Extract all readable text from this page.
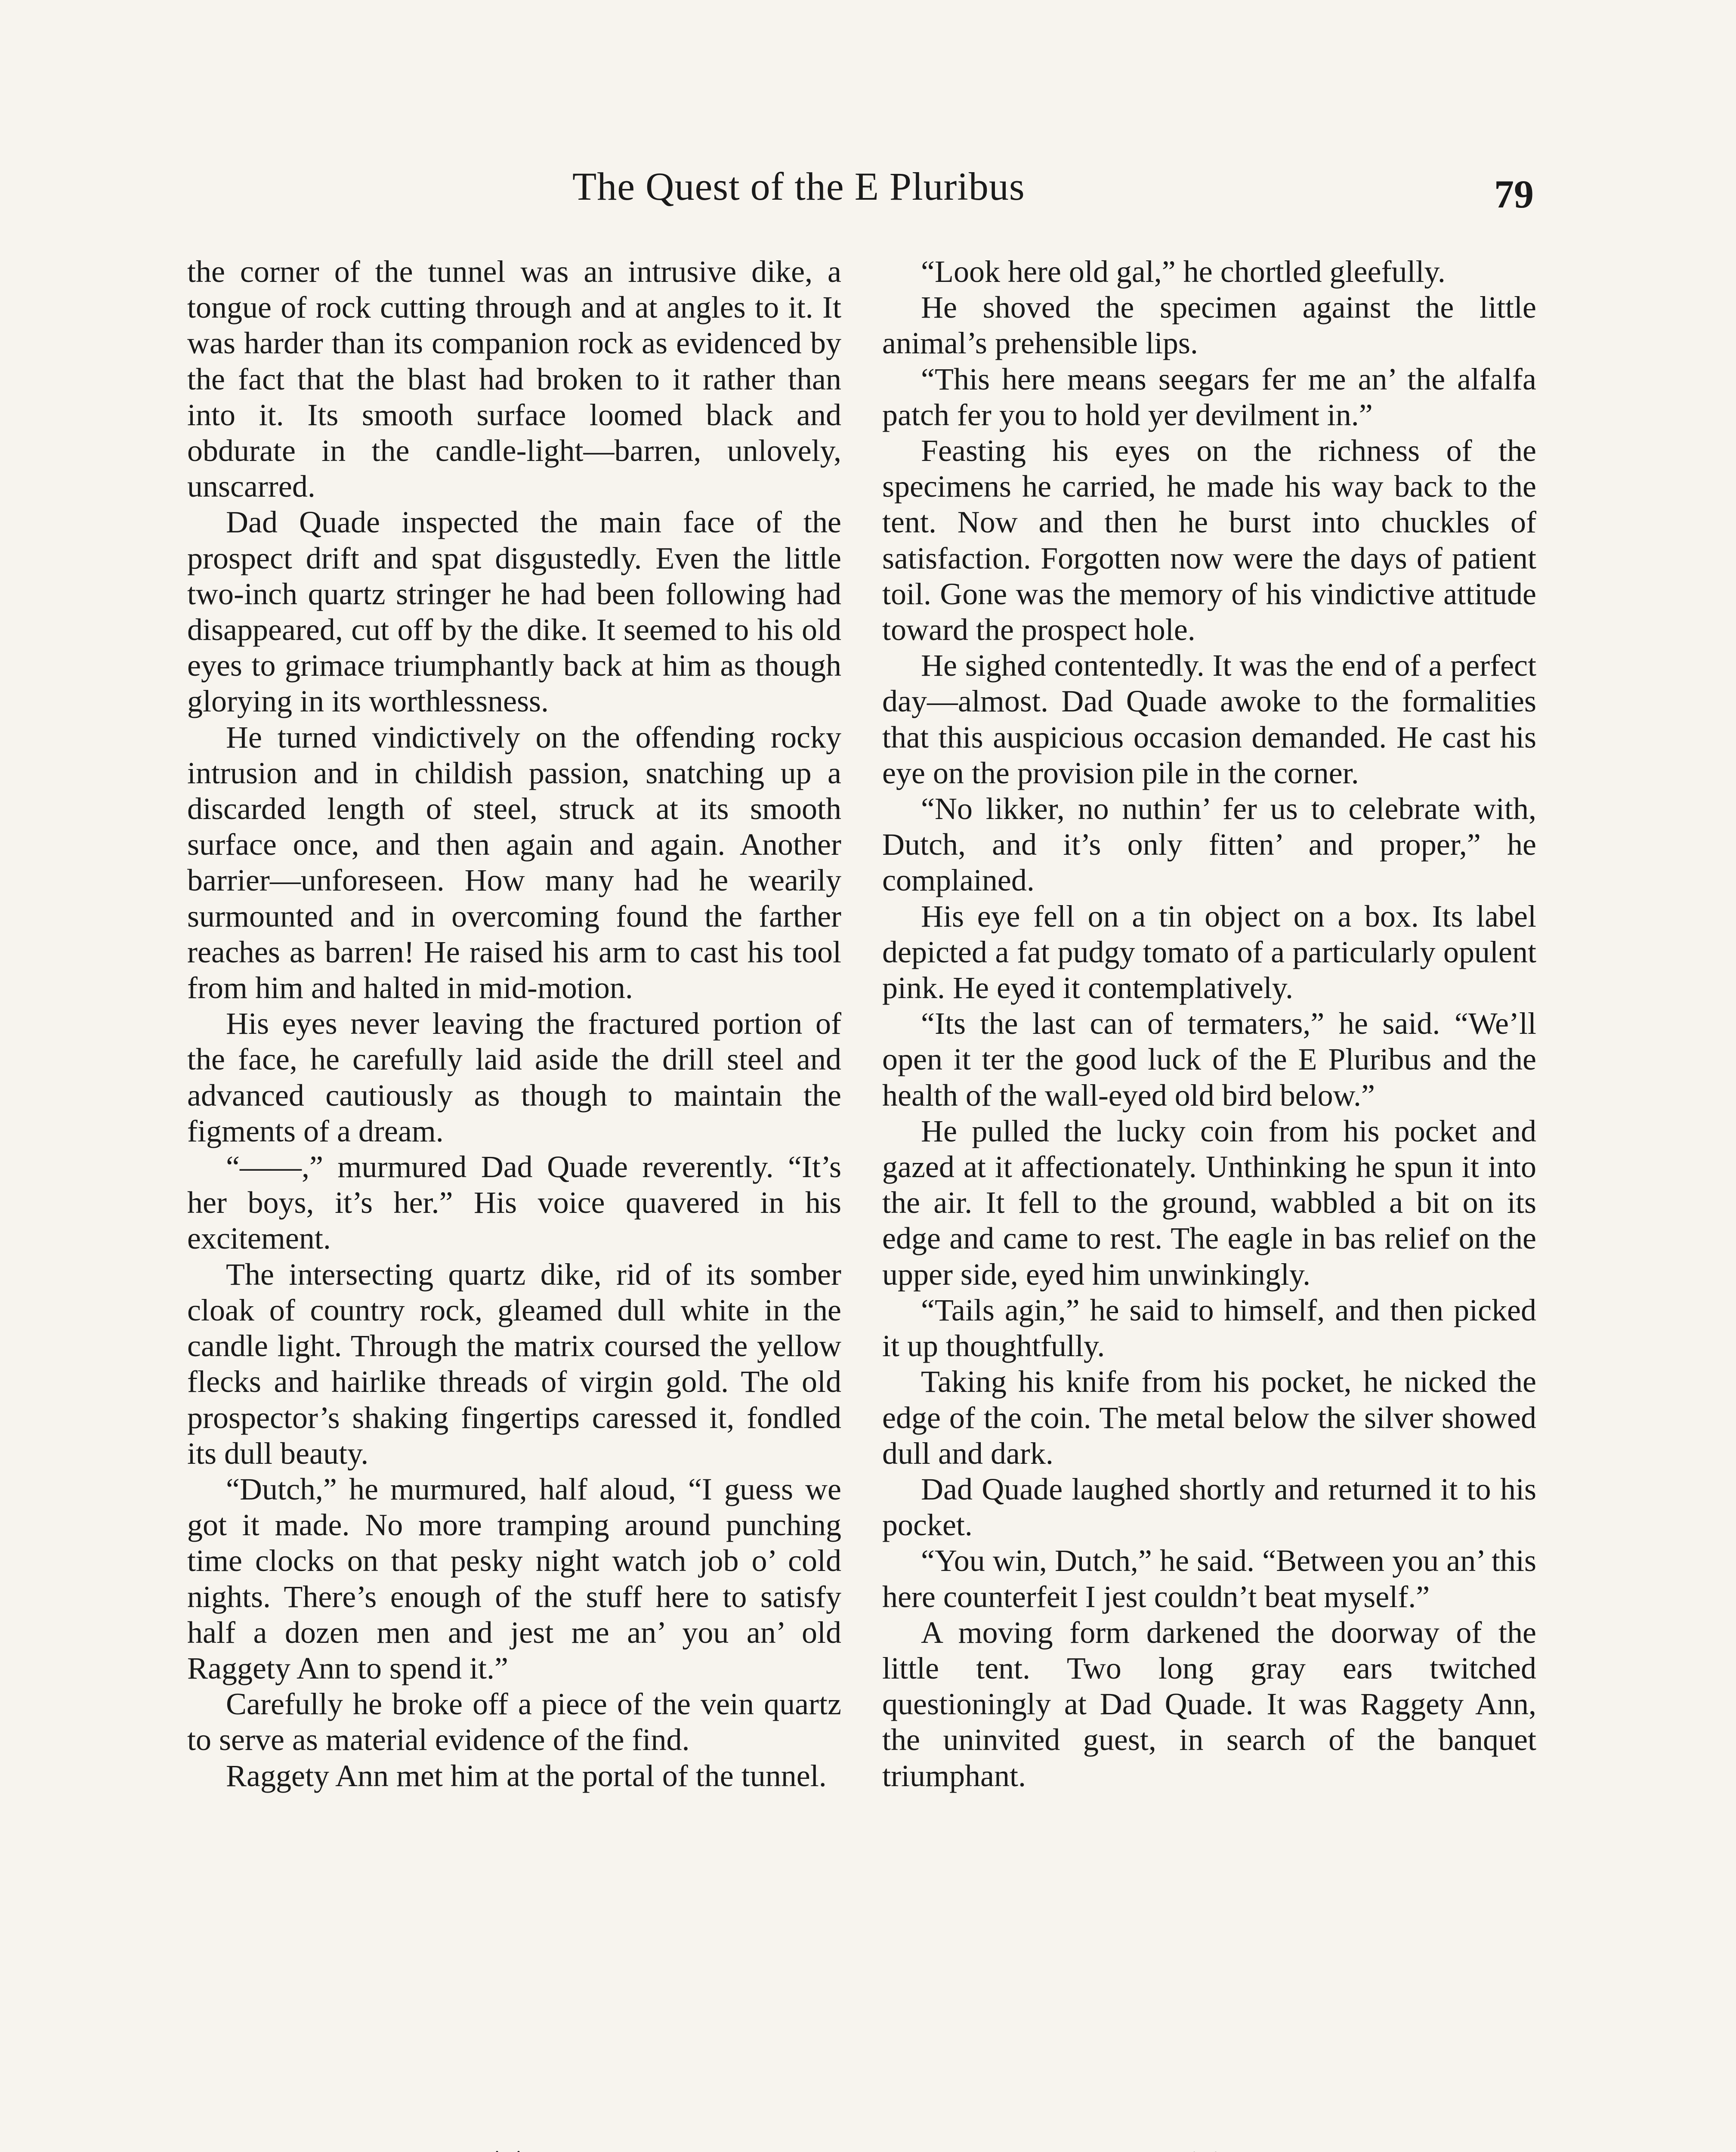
The Quest of the E Pluribus	79

the corner of the tunnel was an intrusive dike, a tongue of rock cutting through and at angles to it. It was harder than its companion rock as evidenced by the fact that the blast had broken to it rather than into it. Its smooth surface loomed black and obdurate in the candle-light—barren, unlovely, unscarred.

Dad Quade inspected the main face of the prospect drift and spat disgustedly. Even the little two-inch quartz stringer he had been following had disappeared, cut off by the dike. It seemed to his old eyes to grimace triumphantly back at him as though glorying in its worthlessness.

He turned vindictively on the offending rocky intrusion and in childish passion, snatching up a discarded length of steel, struck at its smooth surface once, and then again and again. Another barrier—unforeseen. How many had he wearily surmounted and in overcoming found the farther reaches as barren! He raised his arm to cast his tool from him and halted in mid-motion.

His eyes never leaving the fractured portion of the face, he carefully laid aside the drill steel and advanced cautiously as though to maintain the figments of a dream.

“——,” murmured Dad Quade reverently. “It’s her boys, it’s her.” His voice quavered in his excitement.

The intersecting quartz dike, rid of its somber cloak of country rock, gleamed dull white in the candle light. Through the matrix coursed the yellow flecks and hairlike threads of virgin gold. The old prospector’s shaking fingertips caressed it, fondled its dull beauty.

“Dutch,” he murmured, half aloud, “I guess we got it made. No more tramping around punching time clocks on that pesky night watch job o’ cold nights. There’s enough of the stuff here to satisfy half a dozen men and jest me an’ you an’ old Raggety Ann to spend it.”

Carefully he broke off a piece of the vein quartz to serve as material evidence of the find.

Raggety Ann met him at the portal of the tunnel.

“Look here old gal,” he chortled gleefully.

He shoved the specimen against the little animal’s prehensible lips.

“This here means seegars fer me an’ the alfalfa patch fer you to hold yer devilment in.”

Feasting his eyes on the richness of the specimens he carried, he made his way back to the tent. Now and then he burst into chuckles of satisfaction. Forgotten now were the days of patient toil. Gone was the memory of his vindictive attitude toward the prospect hole.

He sighed contentedly. It was the end of a perfect day—almost. Dad Quade awoke to the formalities that this auspicious occasion demanded. He cast his eye on the provision pile in the corner.

“No likker, no nuthin’ fer us to celebrate with, Dutch, and it’s only fitten’ and proper,” he complained.

His eye fell on a tin object on a box. Its label depicted a fat pudgy tomato of a particularly opulent pink. He eyed it contemplatively.

“Its the last can of termaters,” he said. “We’ll open it ter the good luck of the E Pluribus and the health of the wall-eyed old bird below.”

He pulled the lucky coin from his pocket and gazed at it affectionately. Unthinking he spun it into the air. It fell to the ground, wabbled a bit on its edge and came to rest. The eagle in bas relief on the upper side, eyed him unwinkingly.

“Tails agin,” he said to himself, and then picked it up thoughtfully.

Taking his knife from his pocket, he nicked the edge of the coin. The metal below the silver showed dull and dark.

Dad Quade laughed shortly and returned it to his pocket.

“You win, Dutch,” he said. “Between you an’ this here counterfeit I jest couldn’t beat myself.”

A moving form darkened the doorway of the little tent. Two long gray ears twitched questioningly at Dad Quade. It was Raggety Ann, the uninvited guest, in search of the banquet triumphant.
